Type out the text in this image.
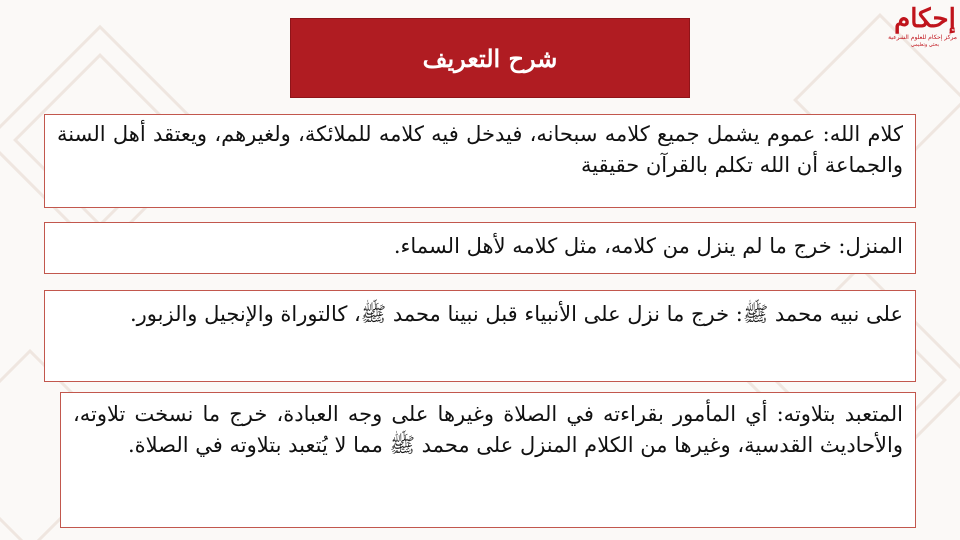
إحكام
مركز إحكام للعلوم الشرعية
بحثي وتعليمي
شرح التعريف
كلام الله: عموم يشمل جميع كلامه سبحانه، فيدخل فيه كلامه للملائكة، ولغيرهم، ويعتقد أهل السنة والجماعة أن الله تكلم بالقرآن حقيقية
المنزل: خرج ما لم ينزل من كلامه، مثل كلامه لأهل السماء.
على نبيه محمد ﷺ: خرج ما نزل على الأنبياء قبل نبينا محمد ﷺ، كالتوراة والإنجيل والزبور.
المتعبد بتلاوته: أي المأمور بقراءته في الصلاة وغيرها على وجه العبادة، خرج ما نسخت تلاوته، والأحاديث القدسية، وغيرها من الكلام المنزل على محمد ﷺ مما لا يُتعبد بتلاوته في الصلاة.
